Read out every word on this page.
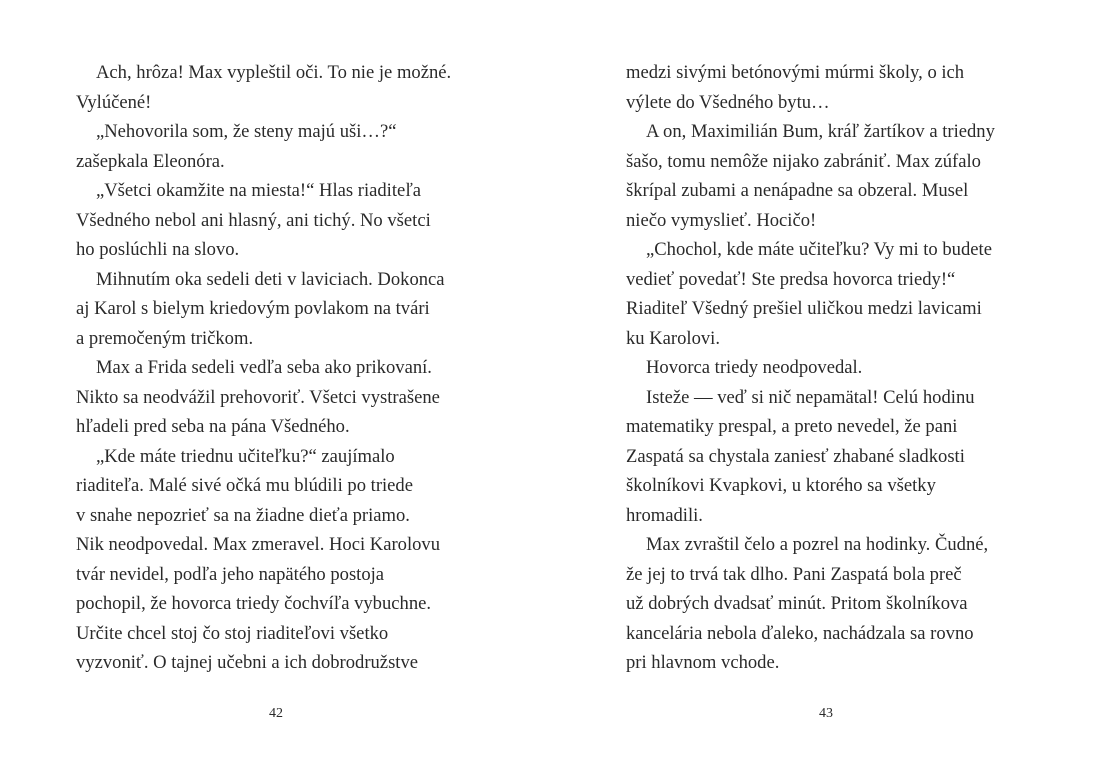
Ach, hrôza! Max vypleštil oči. To nie je možné.
Vylúčené!
„Nehovorila som, že steny majú uši…?“
zašepkala Eleonóra.
„Všetci okamžite na miesta!“ Hlas riaditeľa
Všedného nebol ani hlasný, ani tichý. No všetci
ho poslúchli na slovo.
Mihnutím oka sedeli deti v laviciach. Dokonca
aj Karol s bielym kriedovým povlakom na tvári
a premočeným tričkom.
Max a Frida sedeli vedľa seba ako prikovaní.
Nikto sa neodvážil prehovoriť. Všetci vystrašene
hľadeli pred seba na pána Všedného.
„Kde máte triednu učiteľku?“ zaujímalo
riaditeľa. Malé sivé očká mu blúdili po triede
v snahe nepozrieť sa na žiadne dieťa priamo.
Nik neodpovedal. Max zmeravel. Hoci Karolovu
tvár nevidel, podľa jeho napätého postoja
pochopil, že hovorca triedy čochvíľa vybuchne.
Určite chcel stoj čo stoj riaditeľovi všetko
vyzvoniť. O tajnej učebni a ich dobrodružstve
42
medzi sivými betónovými múrmi školy, o ich
výlete do Všedného bytu…
A on, Maximilián Bum, kráľ žartíkov a triedny
šašo, tomu nemôže nijako zabrániť. Max zúfalo
škrípal zubami a nenápadne sa obzeral. Musel
niečo vymyslieť. Hocičo!
„Chochol, kde máte učiteľku? Vy mi to budete
vedieť povedať! Ste predsa hovorca triedy!“
Riaditeľ Všedný prešiel uličkou medzi lavicami
ku Karolovi.
Hovorca triedy neodpovedal.
Isteže — veď si nič nepamätal! Celú hodinu
matematiky prespal, a preto nevedel, že pani
Zaspatá sa chystala zaniesť zhabané sladkosti
školníkovi Kvapkovi, u ktorého sa všetky
hromadili.
Max zvraštil čelo a pozrel na hodinky. Čudné,
že jej to trvá tak dlho. Pani Zaspatá bola preč
už dobrých dvadsať minút. Pritom školníkova
kancelária nebola ďaleko, nachádzala sa rovno
pri hlavnom vchode.
43
